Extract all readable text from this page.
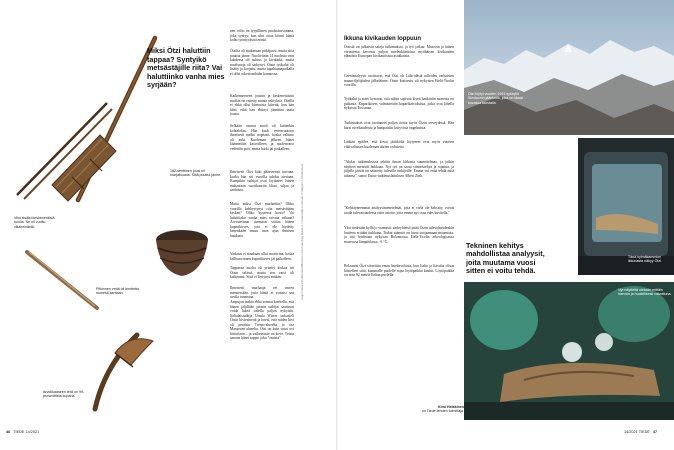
Miksi Ötzi haluttiin tappaa? Syntyikö metsästäjille riita? Vai haluttiinko vanha mies syrjään?
182-senttinen jousi oli marjakuusta. Siitä puuttui jänne.
Viini sisälsi keskeneräisiä nuolia. Ne oli vuoltu villaheinästä.
Pitkinnen vettä oli lerottettu monesti karttaan.
Arvokkaaseen terä on 99-prosenttista kuparia.

nen viilto on tyypillinen puolustusvamma, joka syntyy, kun uhri ottaa kiinni häntä kohti työntyvästä terästä.

Ötziltä oli mukanaan pitkäjousi, mutta siitä puuttui jänne. Nuoliviinin 14 nuolesta vain kahdessa oli sulitus ja kivikärki, mutta nuolisuoja oli särkynyt. Ötzin työkalut oli lisätty ja korjattu, mutta tapahtumapaikalla ei ollut oikein mikään kunnossa.

Katkenneeseen jousiin ja keskeneräisiin nuoliin on esitetty monia selityksiä. Ötzillä ei ehkä ollut hirmuista kiirettä, kun hän lähti, eikä hän ehtinyt jännittää uutta jousta.

Selkään osunut nuoli oli kuitenkin kohtalokas. Hän kuoli verenvuotoon ilmeisesti melko nopeasti, koska valtimo oli auki. Kuoleman jälkeen hänet käännettiin kasvoilleen, ja nuolenvarsi vedettiin pois, mutta kärki jäi paikalleen.

Ilmeisesti Ötzi koki päässeensä turvaan, koska hän söi vuorilla tuhdin ateriaan. Kumpikin tutkijat ovat löytäneet hänen mahastaan vuorikauriin lihaa, viljaa ja saniaisia.

Mutta miksi Ötzi murhattiin? Oliko vuorilla kehkeytynyt riita metsästäjien kesken? Oliko kyseessä kosto? Vai haluttiinko vanha mies raivata valtaan? Arvostettuun asemaan viittaa hänen kuparikirves, jota ei ole löydetty kenenkään muun tuon ajan ihmisen haudasta.

Varkaus ei ainakaan ollut motiivina, koska kallisarvoinen kuparikirves jäi paikalleen.

Tappavaa nuolta oli yritetty kiskoa irti Ötzin selästä, mutta sen varsi oli katkennut. Siitä ei löytynyt mitään.

Ilmeisesti murhaaja vei varren mennessään, jotta häntä ei voitaisi sen avulla tunnistaa.

Ampujan taakin ehkä voimat kuvitella, että hänen jäljillään pääsin tutkijat saattavat voida lukea todella paljon nykyisin. Italialaistutkija Ursula Wierer tarkasteli Ötzin kiviesineitä ja totesi, että niiden kivi oli peräisin Trento-alueelta ja osa Mantovan alueelta. Ötzi on kuin suuri ovi historiaan – ja vaikeusaste on kova. Toisin sanoen hänet tappoi joku "omista".

Luigi Fraccari/Shutterstock/Museum of Archaeology, Bolzano / Universität Innsbruck / Instagram / Shutterstock
Ikkuna kivikauden loppuun

Ötzistä on julkaistu satoja tutkimuksia, ja työ jatkuu. Museoin ja hänen varustensa kertovat paljon mielenkiintoista myöhäisen kivikauden elämästä Euroopan kivikautisista asukkaista.

Geenianalyysit osoittavat, että Ötzi oli Lähi-idästä tulleiden varhaisten maanviljelijöiden jälkeläinen. Ötzin kotiseutu oli nykyisen Etelä-Tirolin vuorilla.

Työkalut ja aseet kertovat, että niihin sopivaa kiveä hankittiin monesta eri paikasta. Kuparikirves valmistettiin kuparikaivoksista, jotka ovat lähellä nykyistä Toscanaa.

Tutkimukset ovat tuottaneet paljon tietoa myös Ötzin terveydestä. Hän kärsi niveltaudeista ja hampaisiin liittyvistä ongelmista.

Lääkäri epäilee, että kovat jäätiköltä löytyneet ovat myös vuorten väkivaltaisen kuoleman uhrien todisteita.

"Aluksi tutkimuksissa tehtiin ilman kirkasta suunnitelmaa, ja jotkin näytteet menivät hukkaan. Nyt työ on saatu viimeisteltyä ja rajattua, ja jäljelle jäävät on säästetty tuleville tutkijoille. Emme voi enää tehdä mitä tahansa", sanoo Eurac-tutkimuslaitoksen Albert Zink.

"Kehittyneemmät analyysimenetelmät, joita ei vielä ole keksitty, voivat tuoda tulevaisuudessa esiin asioita, joita emme nyt osaa edes kuvitella."

Yksi tiedetään kyllä jo varmasti: tiedeyhteisö pitää Ötzin tulevaisuudenkin huolena erittäin tiukkana. Tiukat säännöt on luotu suojaamaan muumiota, ja sitä hoidetaan nykyisin Bolzanossa Etelä-Tirolin arkeologisessa museossa lämpötilassa −6 °C.

Bolzanon Ötzi siirrettiin ensin Innsbruckista, kun Italia ja Itävalta olivat kiistelleet siitä, kummalle puolelle rajaa löytöpaikka kuului. Löytöpaikka on noin 92 metriä Italian puolella.

Kirsi Heikkinen
on Tiede-lehden toimittaja.
Ötzi löytyi vuoden 1991 syksyllä Similaunin jäätiköltä, joka on tässä kuvassa taustalla.
Tänä kylmäkammion ikkunasta näkyy Ötzi.
Tekninen kehitys mahdollistaa analyysit, joita muutama vuosi sitten ei voitu tehdä.
Nyt näytteitä otetaan erittäin harvoin ja huolellisesti valvottuna.
46 TIEDE 14/2021	14/2021 TIEDE 47
